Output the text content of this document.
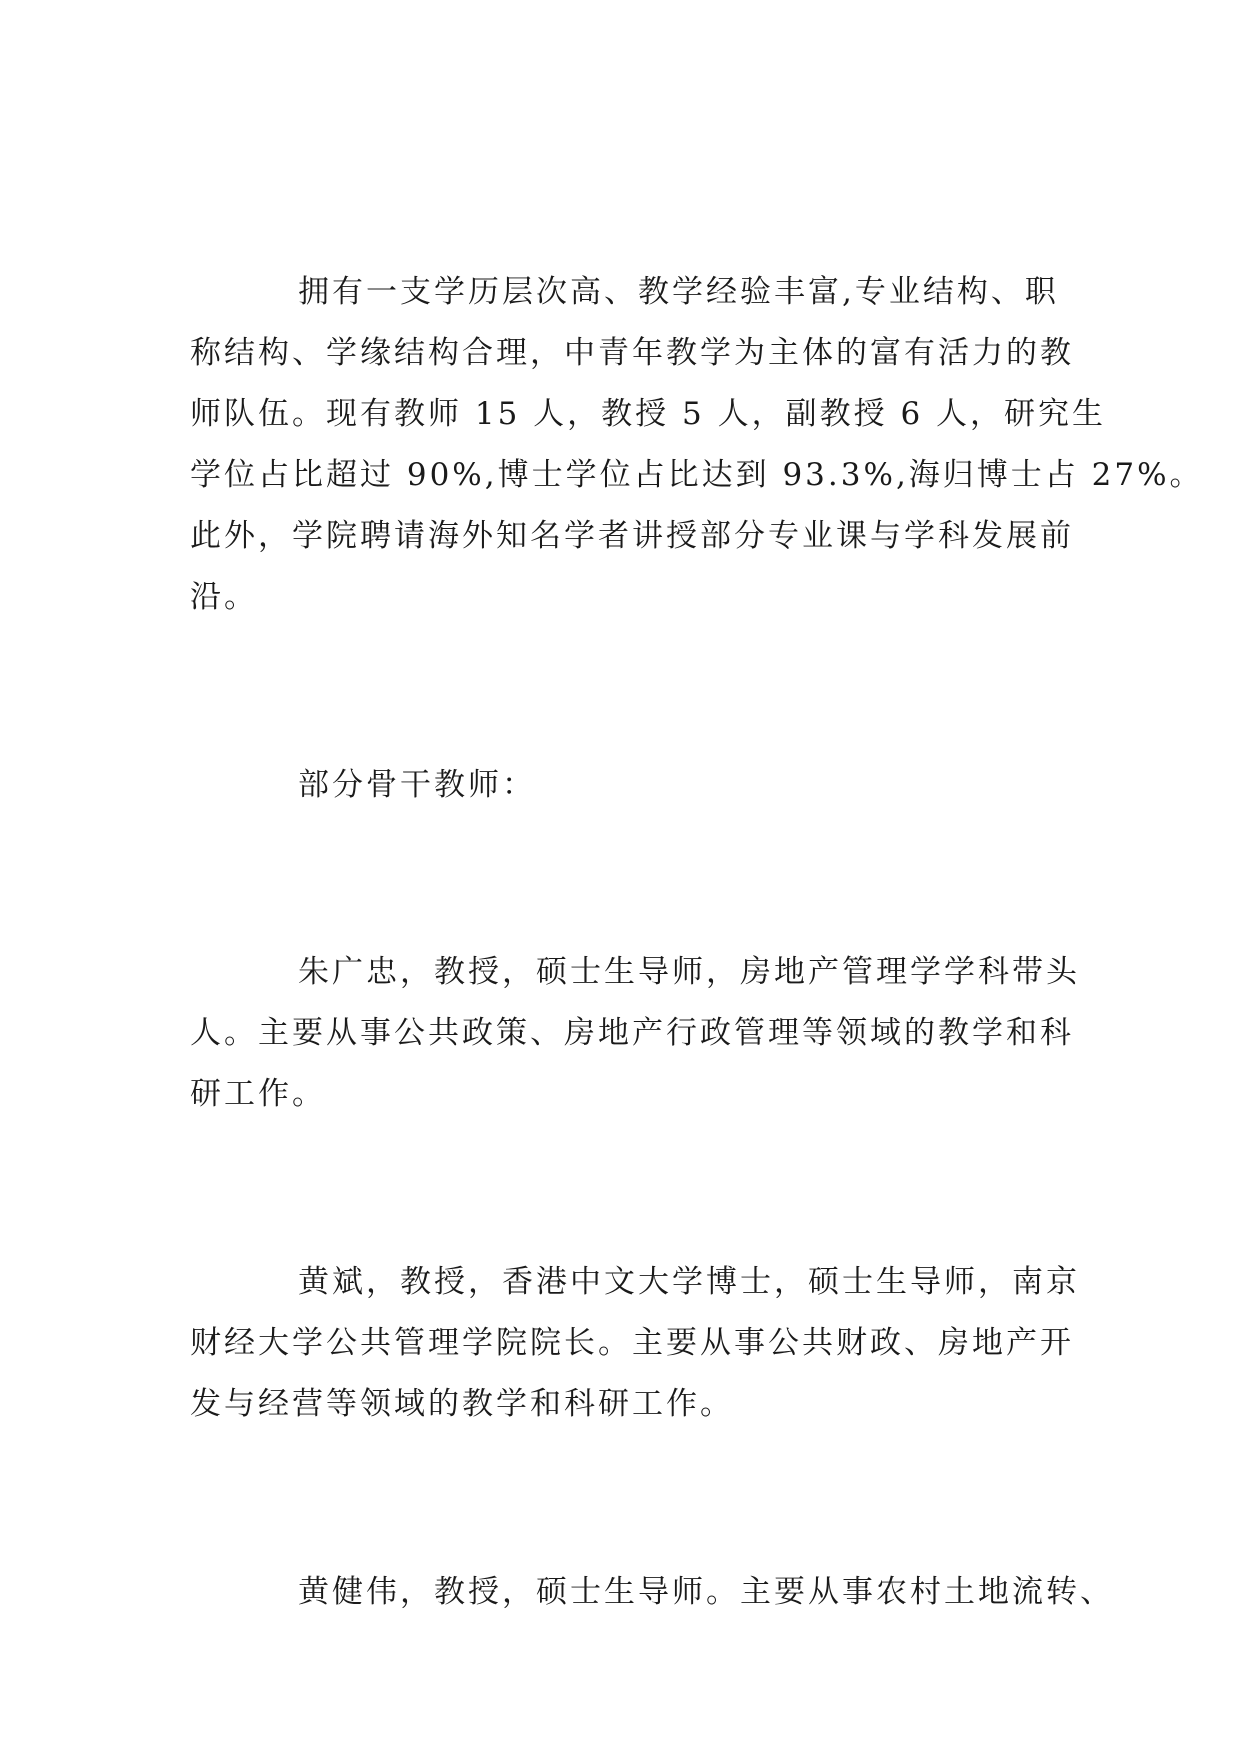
拥有一支学历层次高、教学经验丰富,专业结构、职
称结构、学缘结构合理，中青年教学为主体的富有活力的教
师队伍。现有教师 15 人，教授 5 人，副教授 6 人，研究生
学位占比超过 90%,博士学位占比达到 93.3%,海归博士占 27%。
此外，学院聘请海外知名学者讲授部分专业课与学科发展前
沿。

部分骨干教师：

朱广忠，教授，硕士生导师，房地产管理学学科带头
人。主要从事公共政策、房地产行政管理等领域的教学和科
研工作。

黄斌，教授，香港中文大学博士，硕士生导师，南京
财经大学公共管理学院院长。主要从事公共财政、房地产开
发与经营等领域的教学和科研工作。

黄健伟，教授，硕士生导师。主要从事农村土地流转、
